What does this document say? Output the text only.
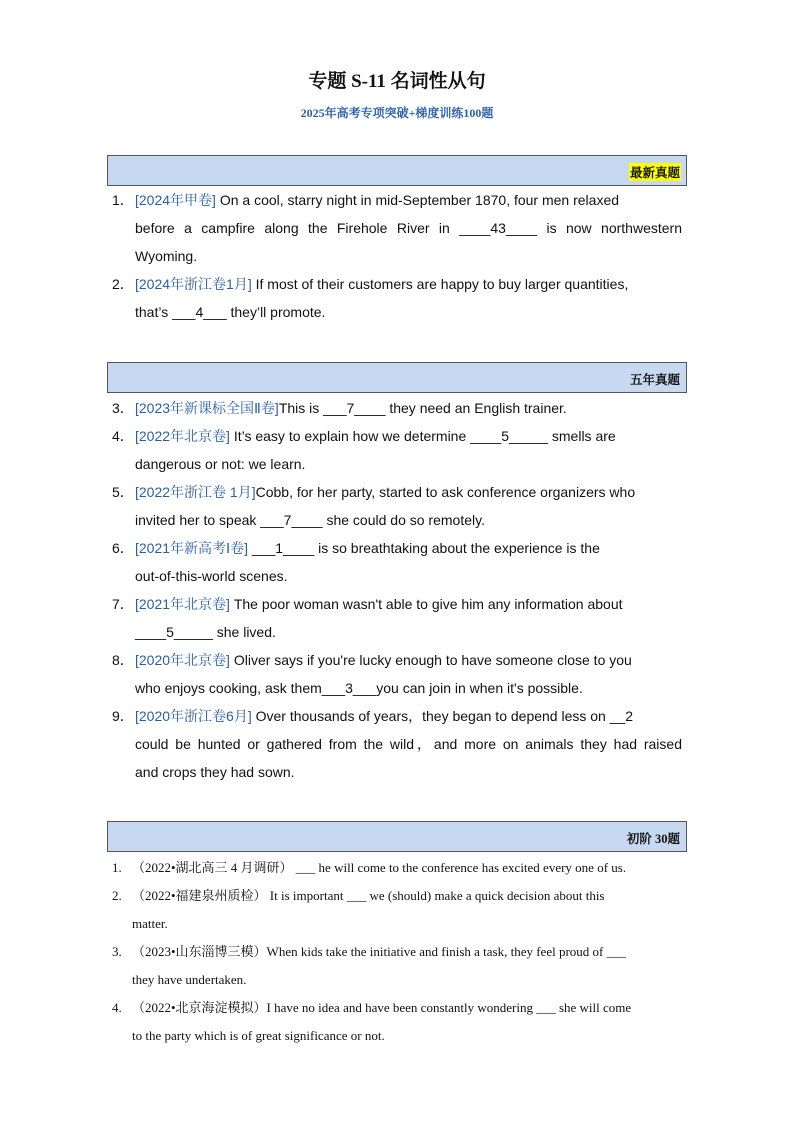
专题 S-11 名词性从句
2025年高考专项突破+梯度训练100题
最新真题
1．[2024年甲卷] On a cool, starry night in mid-September 1870, four men relaxed
before a campfire along the Firehole River in ____43____ is now northwestern
Wyoming.
2．[2024年浙江卷1月] If most of their customers are happy to buy larger quantities,
that’s ___4___ they’ll promote.
五年真题
3．[2023年新课标全国Ⅱ卷]This is ___7____ they need an English trainer.
4．[2022年北京卷] It’s easy to explain how we determine ____5_____ smells are
dangerous or not: we learn.
5．[2022年浙江卷 1月]Cobb, for her party, started to ask conference organizers who
invited her to speak ___7____ she could do so remotely.
6．[2021年新高考Ⅰ卷] ___1____ is so breathtaking about the experience is the
out-of-this-world scenes.
7．[2021年北京卷] The poor woman wasn't able to give him any information about
____5_____ she lived.
8．[2020年北京卷] Oliver says if you're lucky enough to have someone close to you
who enjoys cooking, ask them___3___you can join in when it's possible.
9．[2020年浙江卷6月] Over thousands of years，they began to depend less on __2
could be hunted or gathered from the wild，and more on animals they had raised
and crops they had sown.
初阶 30题
1. （2022•湖北高三 4 月调研） ___ he will come to the conference has excited every one of us.
2. （2022•福建泉州质检） It is important ___ we (should) make a quick decision about this
matter.
3. （2023•山东淄博三模）When kids take the initiative and finish a task, they feel proud of ___
they have undertaken.
4. （2022•北京海淀模拟）I have no idea and have been constantly wondering ___ she will come
to the party which is of great significance or not.
